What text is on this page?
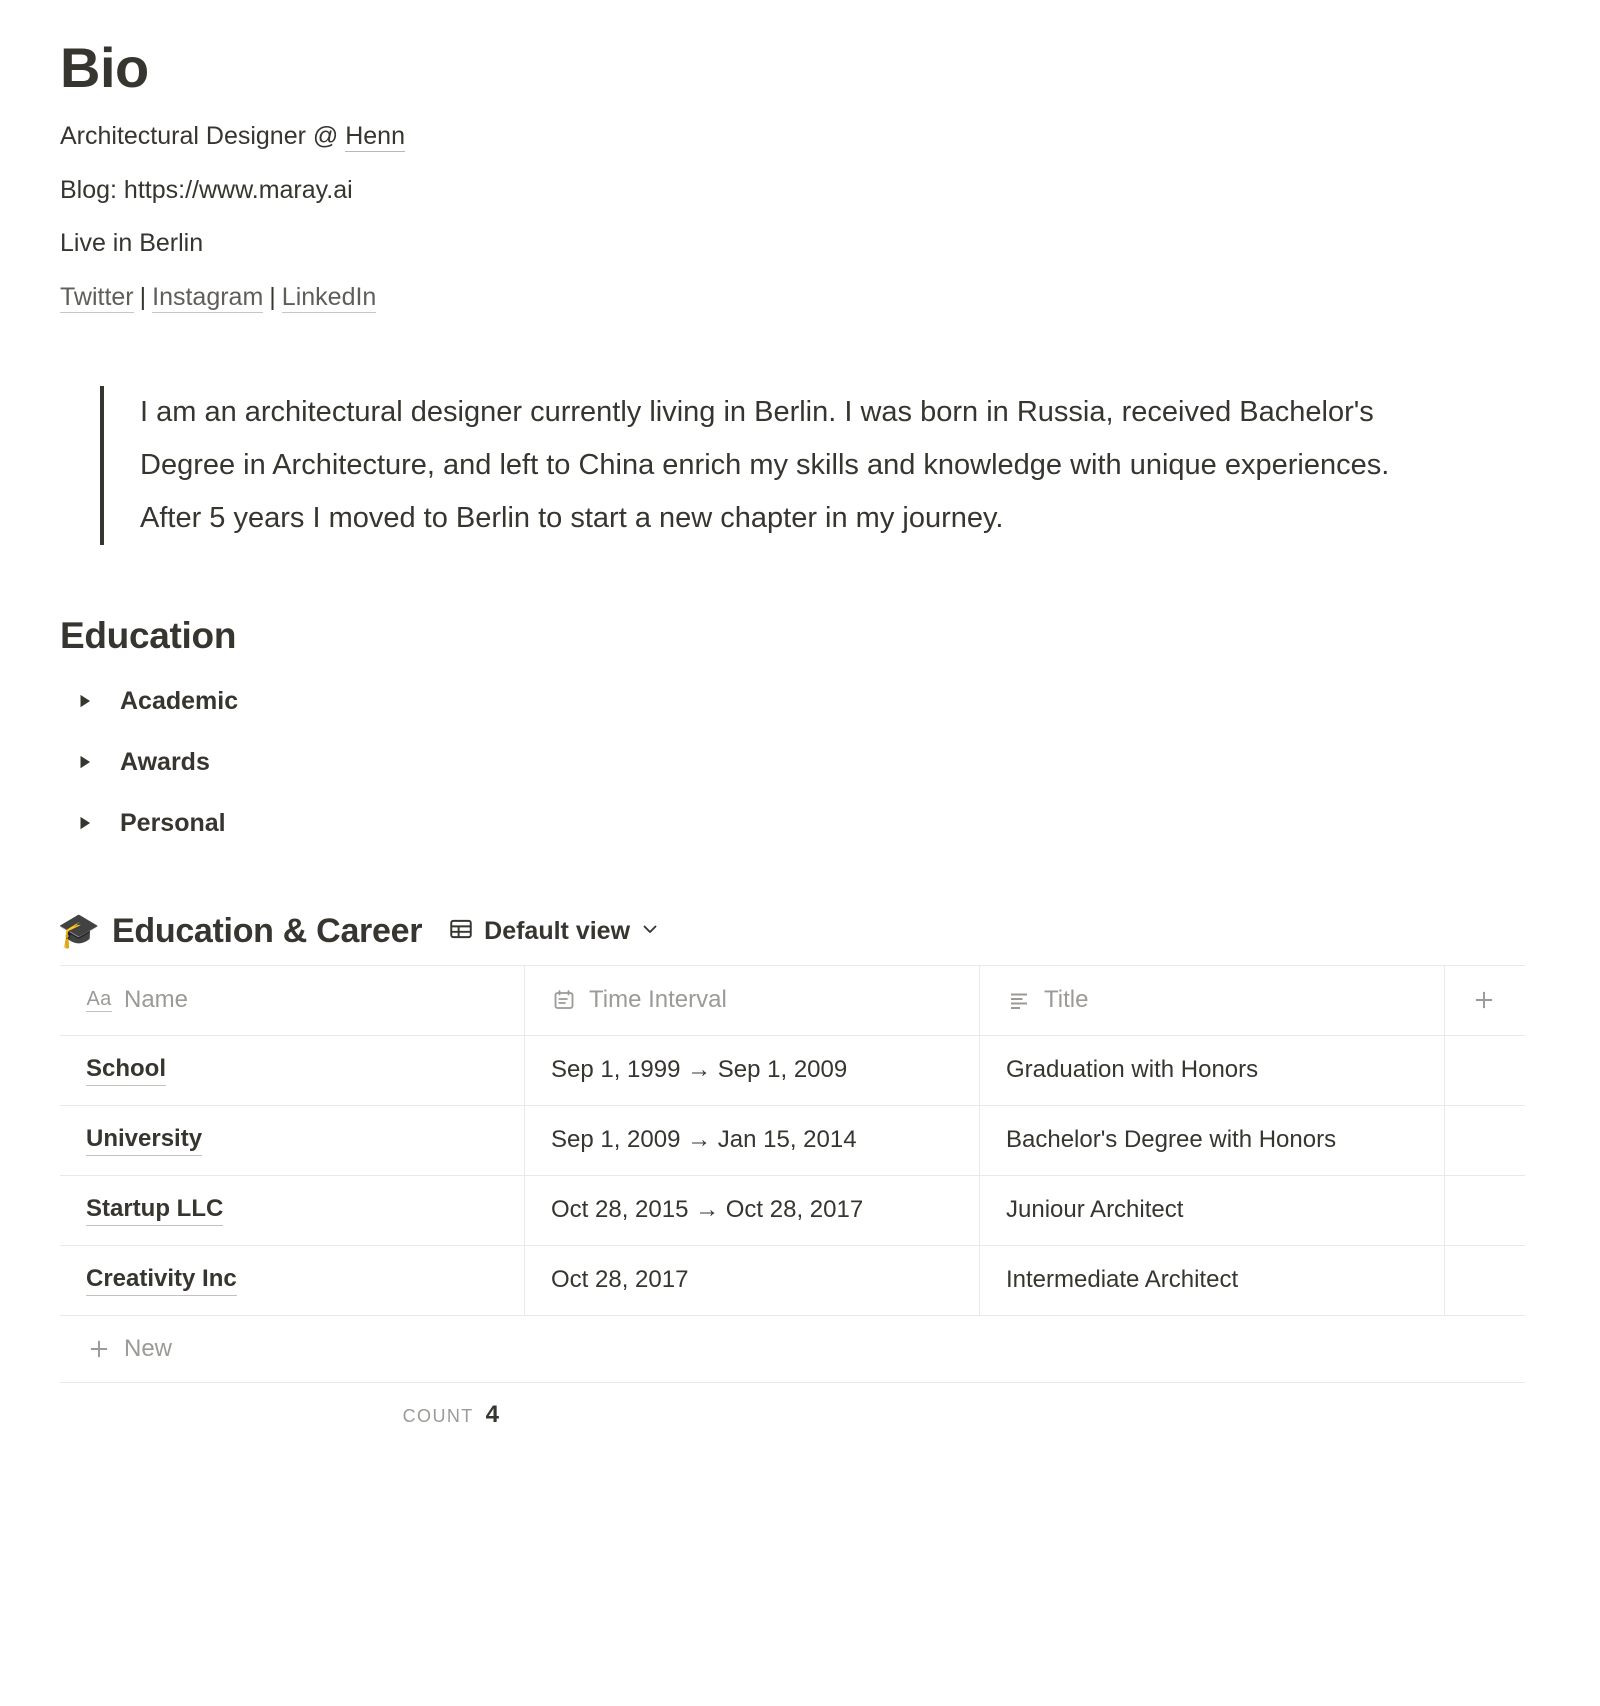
Bio

Architectural Designer @ Henn

Blog: https://www.maray.ai

Live in Berlin

Twitter | Instagram | LinkedIn

I am an architectural designer currently living in Berlin. I was born in Russia, received Bachelor's Degree in Architecture, and left to China enrich my skills and knowledge with unique experiences. After 5 years I moved to Berlin to start a new chapter in my journey.

Education
Academic
Awards
Personal
🎓 Education & Career Default view
Aa Name	Time Interval	Title
School	Sep 1, 1999 → Sep 1, 2009	Graduation with Honors
University	Sep 1, 2009 → Jan 15, 2014	Bachelor's Degree with Honors
Startup LLC	Oct 28, 2015 → Oct 28, 2017	Juniour Architect
Creativity Inc	Oct 28, 2017	Intermediate Architect
New
COUNT 4
